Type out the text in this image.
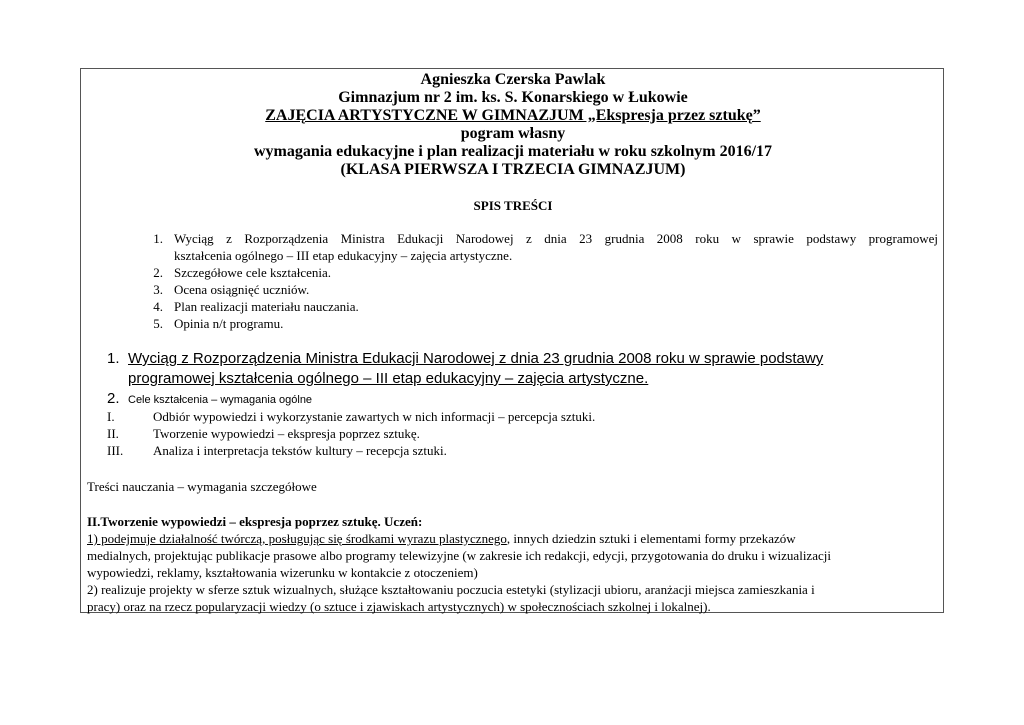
Agnieszka Czerska Pawlak
Gimnazjum nr 2 im. ks. S. Konarskiego w Łukowie
ZAJĘCIA ARTYSTYCZNE W GIMNAZJUM „Ekspresja przez sztukę”
pogram własny
wymagania edukacyjne i plan realizacji materiału w roku szkolnym 2016/17
(KLASA PIERWSZA I TRZECIA GIMNAZJUM)
SPIS TREŚCI
1. Wyciąg z Rozporządzenia Ministra Edukacji Narodowej z dnia 23 grudnia 2008 roku w sprawie podstawy programowej
kształcenia ogólnego – III etap edukacyjny – zajęcia artystyczne.
2. Szczegółowe cele kształcenia.
3. Ocena osiągnięć uczniów.
4. Plan realizacji materiału nauczania.
5. Opinia n/t programu.
1. Wyciąg z Rozporządzenia Ministra Edukacji Narodowej z dnia 23 grudnia 2008 roku w sprawie podstawy
programowej kształcenia ogólnego – III etap edukacyjny – zajęcia artystyczne.
2. Cele kształcenia – wymagania ogólne
I.	Odbiór wypowiedzi i wykorzystanie zawartych w nich informacji – percepcja sztuki.
II.	Tworzenie wypowiedzi – ekspresja poprzez sztukę.
III.	Analiza i interpretacja tekstów kultury – recepcja sztuki.
Treści nauczania – wymagania szczegółowe
II.Tworzenie wypowiedzi – ekspresja poprzez sztukę. Uczeń:
1) podejmuje działalność twórczą, posługując się środkami wyrazu plastycznego, innych dziedzin sztuki i elementami formy przekazów
medialnych, projektując publikacje prasowe albo programy telewizyjne (w zakresie ich redakcji, edycji, przygotowania do druku i wizualizacji
wypowiedzi, reklamy, kształtowania wizerunku w kontakcie z otoczeniem)
2) realizuje projekty w sferze sztuk wizualnych, służące kształtowaniu poczucia estetyki (stylizacji ubioru, aranżacji miejsca zamieszkania i
pracy) oraz na rzecz popularyzacji wiedzy (o sztuce i zjawiskach artystycznych) w społecznościach szkolnej i lokalnej).
